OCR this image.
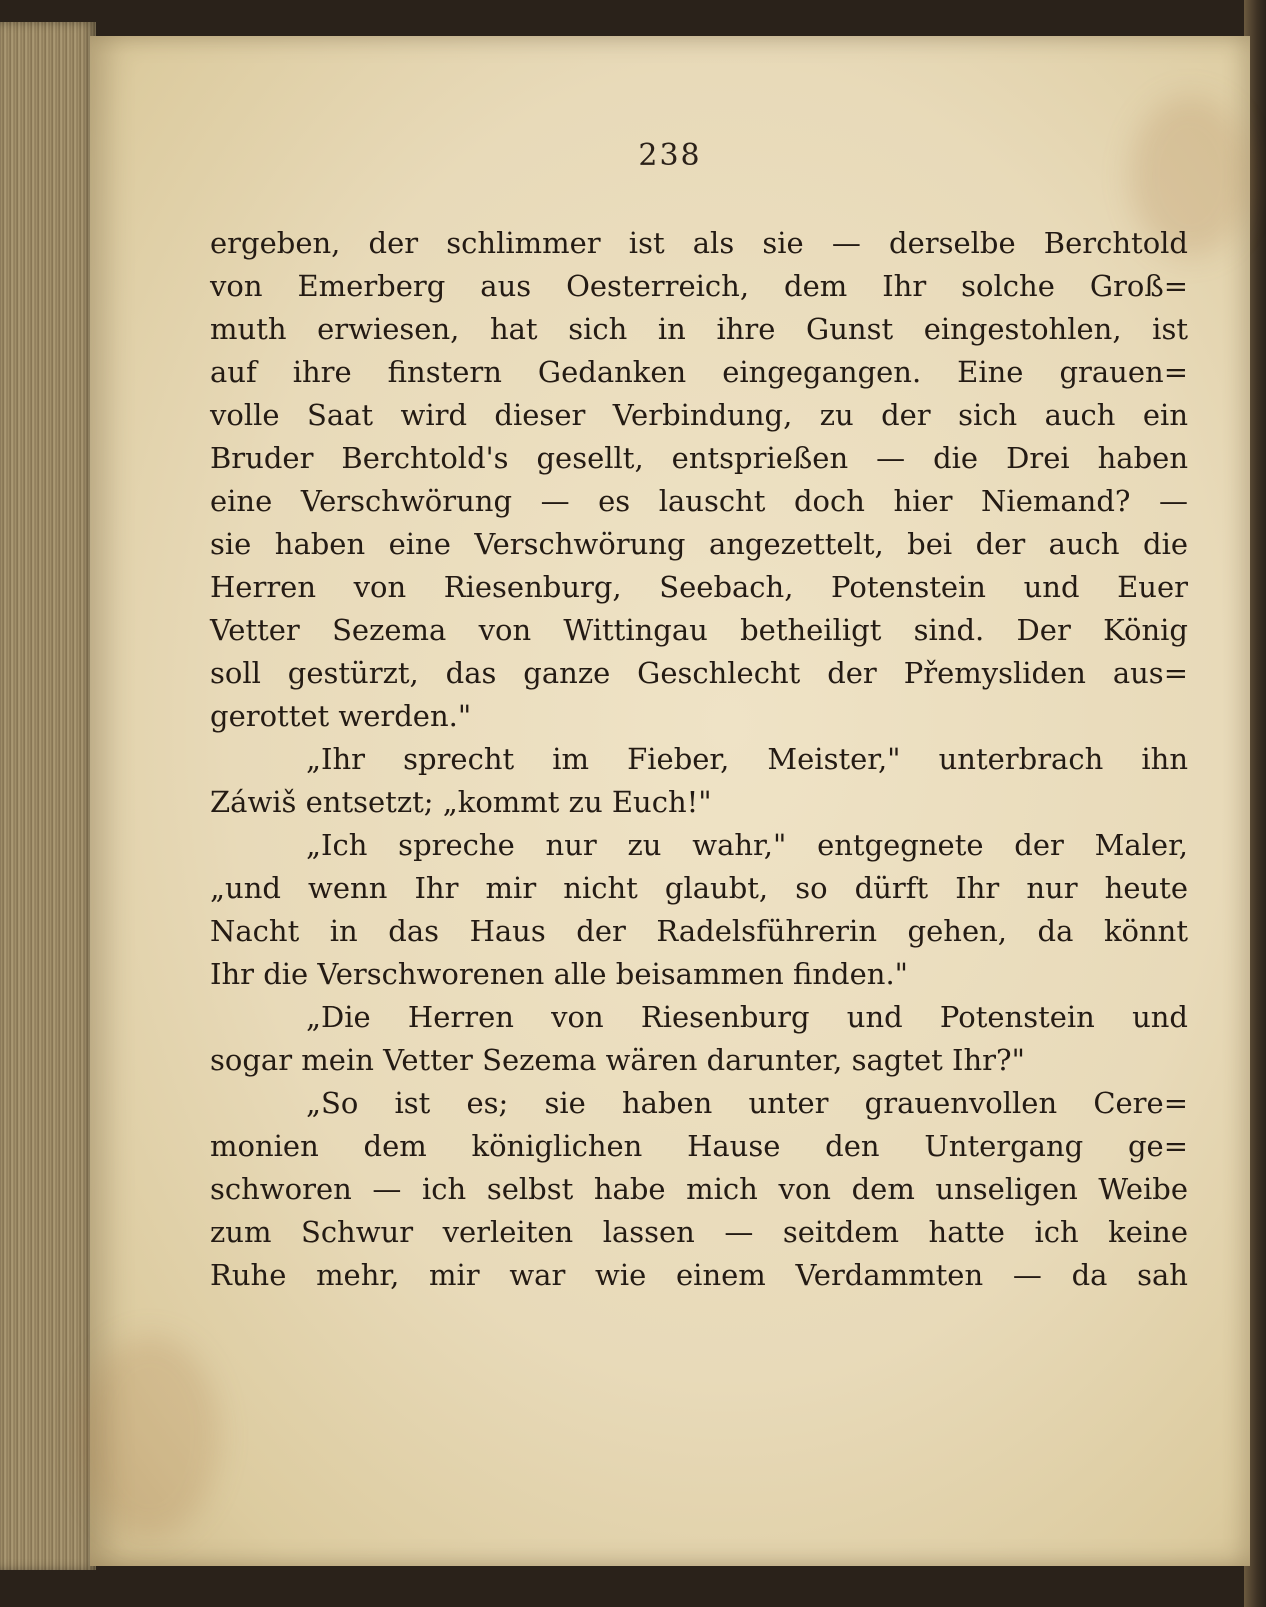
238
ergeben, der schlimmer ist als sie — derselbe Berchtold
von Emerberg aus Oesterreich, dem Ihr solche Groß=
muth erwiesen, hat sich in ihre Gunst eingestohlen, ist
auf ihre finstern Gedanken eingegangen. Eine grauen=
volle Saat wird dieser Verbindung, zu der sich auch ein
Bruder Berchtold's gesellt, entsprießen — die Drei haben
eine Verschwörung — es lauscht doch hier Niemand? —
sie haben eine Verschwörung angezettelt, bei der auch die
Herren von Riesenburg, Seebach, Potenstein und Euer
Vetter Sezema von Wittingau betheiligt sind. Der König
soll gestürzt, das ganze Geschlecht der Přemysliden aus=
gerottet werden."
„Ihr sprecht im Fieber, Meister," unterbrach ihn
Záwiš entsetzt; „kommt zu Euch!"
„Ich spreche nur zu wahr," entgegnete der Maler,
„und wenn Ihr mir nicht glaubt, so dürft Ihr nur heute
Nacht in das Haus der Radelsführerin gehen, da könnt
Ihr die Verschworenen alle beisammen finden."
„Die Herren von Riesenburg und Potenstein und
sogar mein Vetter Sezema wären darunter, sagtet Ihr?"
„So ist es; sie haben unter grauenvollen Cere=
monien dem königlichen Hause den Untergang ge=
schworen — ich selbst habe mich von dem unseligen Weibe
zum Schwur verleiten lassen — seitdem hatte ich keine
Ruhe mehr, mir war wie einem Verdammten — da sah
